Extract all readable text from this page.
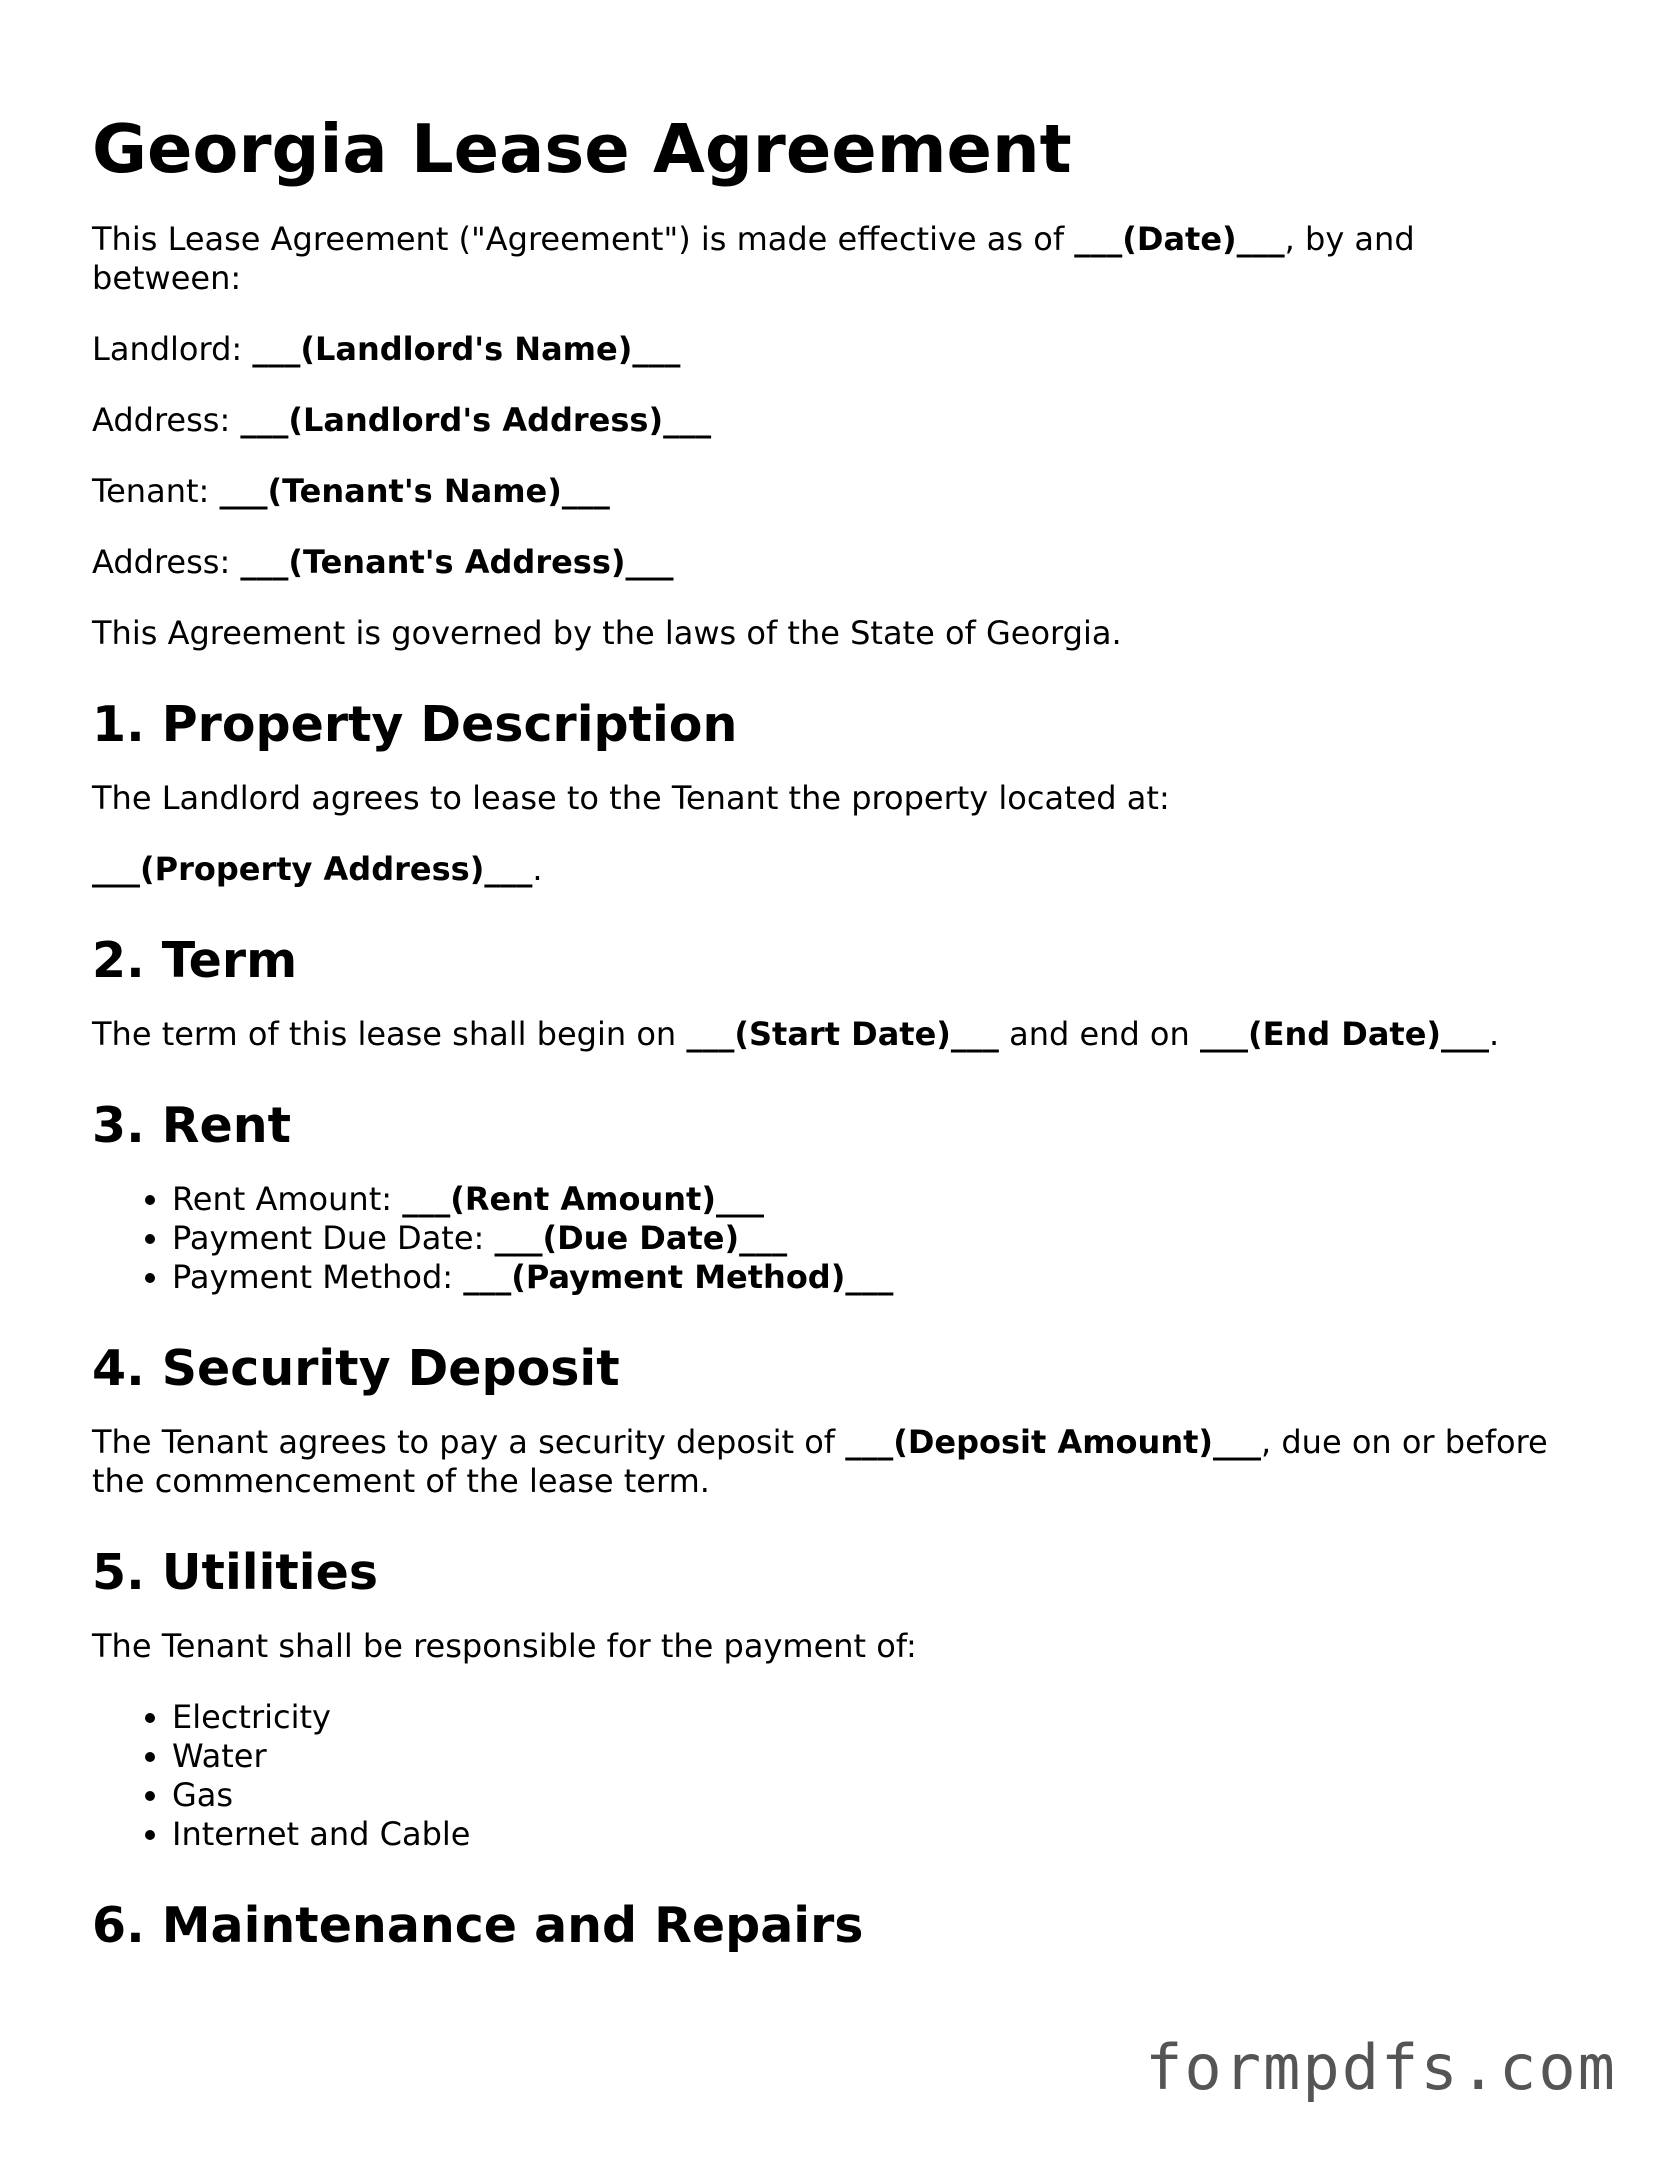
Georgia Lease Agreement

This Lease Agreement ("Agreement") is made effective as of ___(Date)___, by and between:

Landlord: ___(Landlord's Name)___

Address: ___(Landlord's Address)___

Tenant: ___(Tenant's Name)___

Address: ___(Tenant's Address)___

This Agreement is governed by the laws of the State of Georgia.

1. Property Description

The Landlord agrees to lease to the Tenant the property located at:

___(Property Address)___.

2. Term

The term of this lease shall begin on ___(Start Date)___ and end on ___(End Date)___.

3. Rent
• Rent Amount: ___(Rent Amount)___
• Payment Due Date: ___(Due Date)___
• Payment Method: ___(Payment Method)___
4. Security Deposit

The Tenant agrees to pay a security deposit of ___(Deposit Amount)___, due on or before the commencement of the lease term.

5. Utilities

The Tenant shall be responsible for the payment of:

• Electricity
• Water
• Gas
• Internet and Cable
6. Maintenance and Repairs
formpdfs.com
